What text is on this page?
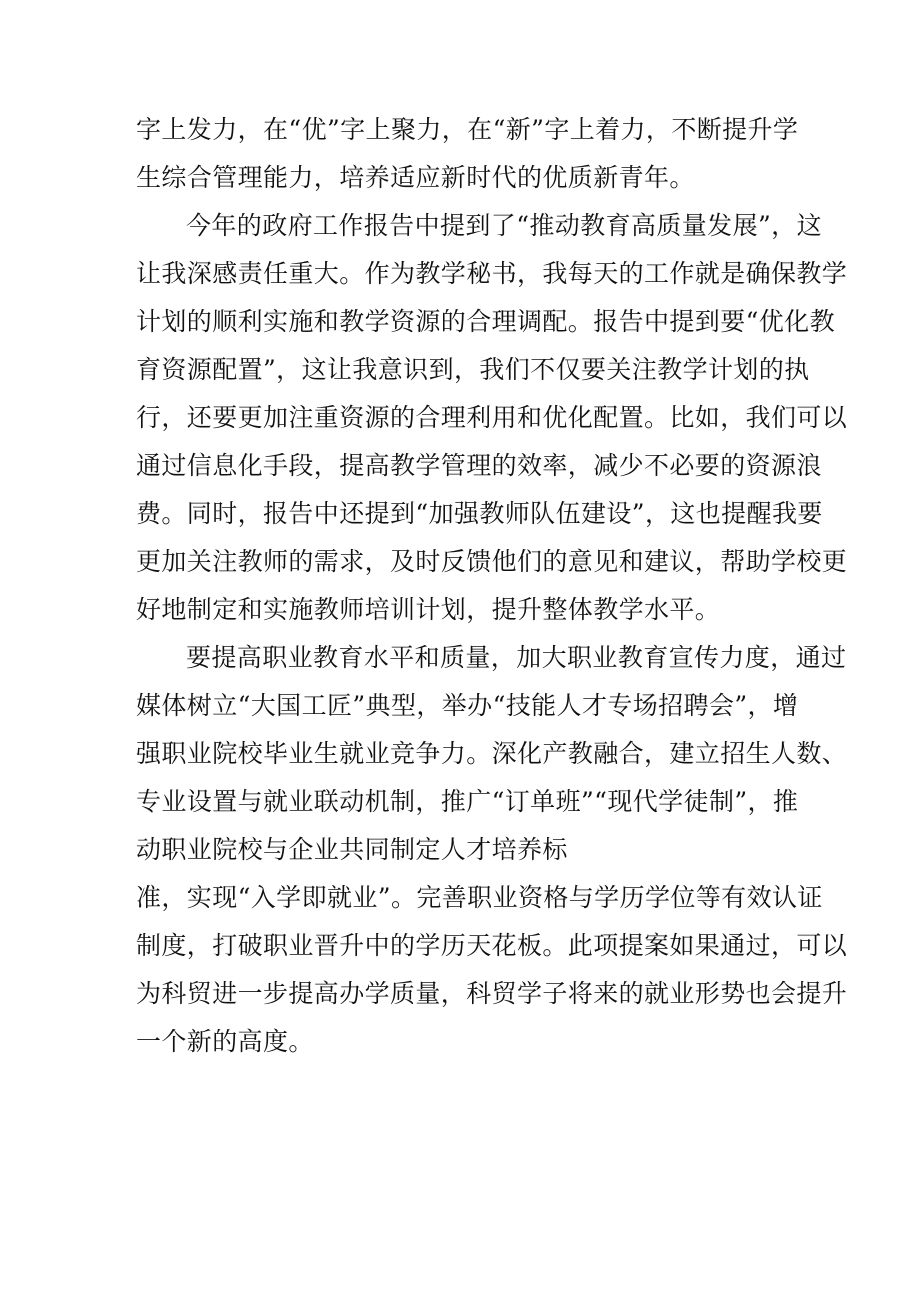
字上发力，在“优”字上聚力，在“新”字上着力，不断提升学
生综合管理能力，培养适应新时代的优质新青年。
今年的政府工作报告中提到了“推动教育高质量发展”，这
让我深感责任重大。作为教学秘书，我每天的工作就是确保教学
计划的顺利实施和教学资源的合理调配。报告中提到要“优化教
育资源配置”，这让我意识到，我们不仅要关注教学计划的执
行，还要更加注重资源的合理利用和优化配置。比如，我们可以
通过信息化手段，提高教学管理的效率，减少不必要的资源浪
费。同时，报告中还提到“加强教师队伍建设”，这也提醒我要
更加关注教师的需求，及时反馈他们的意见和建议，帮助学校更
好地制定和实施教师培训计划，提升整体教学水平。
要提高职业教育水平和质量，加大职业教育宣传力度，通过
媒体树立“大国工匠”典型，举办“技能人才专场招聘会”，增
强职业院校毕业生就业竞争力。深化产教融合，建立招生人数、
专业设置与就业联动机制，推广“订单班”“现代学徒制”，推
动职业院校与企业共同制定人才培养标
准，实现“入学即就业”。完善职业资格与学历学位等有效认证
制度，打破职业晋升中的学历天花板。此项提案如果通过，可以
为科贸进一步提高办学质量，科贸学子将来的就业形势也会提升
一个新的高度。
